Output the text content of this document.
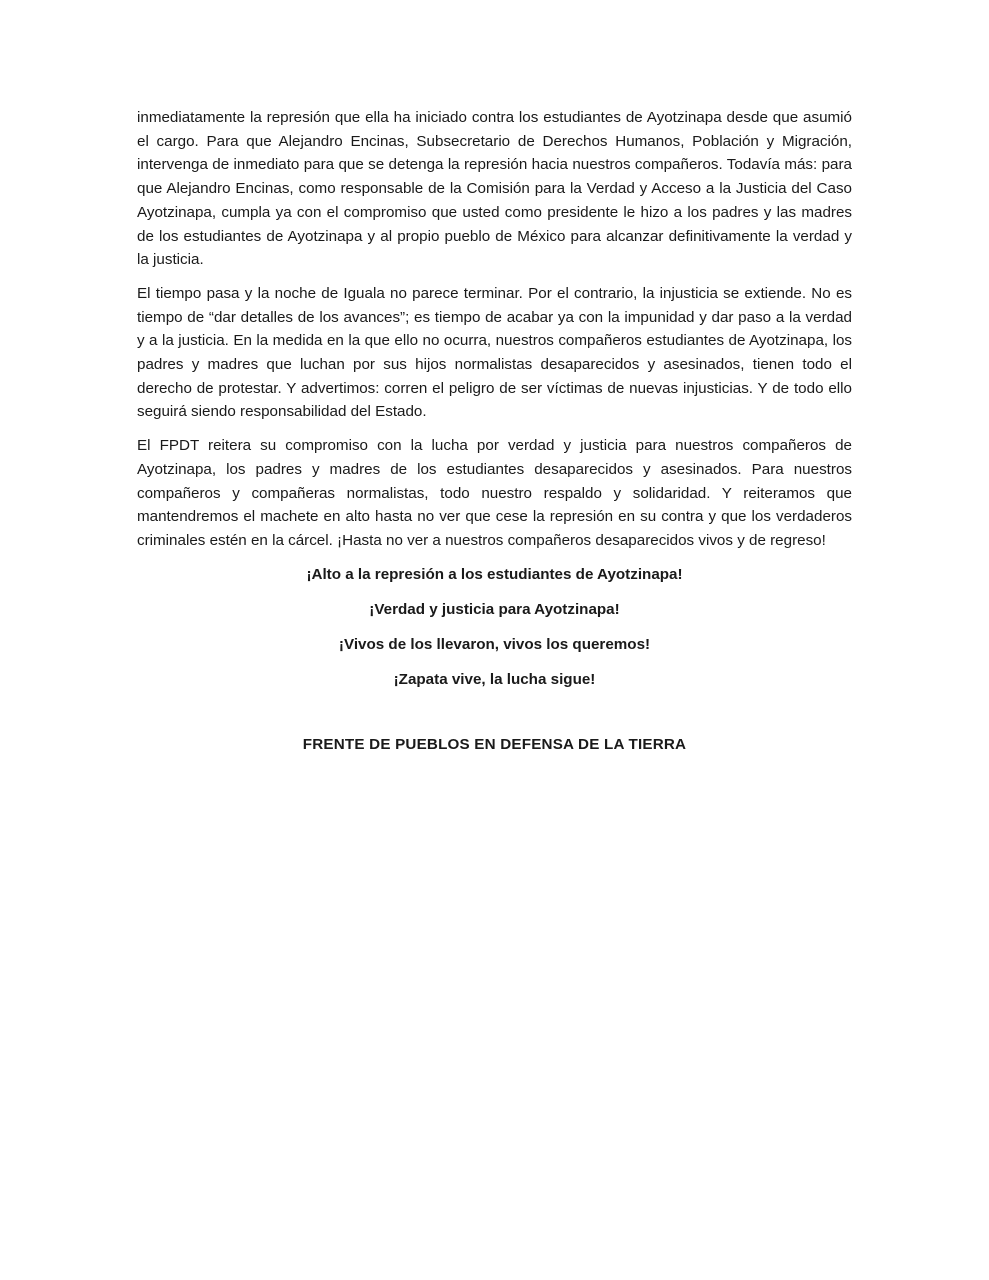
inmediatamente la represión que ella ha iniciado contra los estudiantes de Ayotzinapa desde que asumió el cargo. Para que Alejandro Encinas, Subsecretario de Derechos Humanos, Población y Migración, intervenga de inmediato para que se detenga la represión hacia nuestros compañeros. Todavía más: para que Alejandro Encinas, como responsable de la Comisión para la Verdad y Acceso a la Justicia del Caso Ayotzinapa, cumpla ya con el compromiso que usted como presidente le hizo a los padres y las madres de los estudiantes de Ayotzinapa y al propio pueblo de México para alcanzar definitivamente la verdad y la justicia.

El tiempo pasa y la noche de Iguala no parece terminar. Por el contrario, la injusticia se extiende. No es tiempo de “dar detalles de los avances”; es tiempo de acabar ya con la impunidad y dar paso a la verdad y a la justicia. En la medida en la que ello no ocurra, nuestros compañeros estudiantes de Ayotzinapa, los padres y madres que luchan por sus hijos normalistas desaparecidos y asesinados, tienen todo el derecho de protestar. Y advertimos: corren el peligro de ser víctimas de nuevas injusticias. Y de todo ello seguirá siendo responsabilidad del Estado.

El FPDT reitera su compromiso con la lucha por verdad y justicia para nuestros compañeros de Ayotzinapa, los padres y madres de los estudiantes desaparecidos y asesinados. Para nuestros compañeros y compañeras normalistas, todo nuestro respaldo y solidaridad. Y reiteramos que mantendremos el machete en alto hasta no ver que cese la represión en su contra y que los verdaderos criminales estén en la cárcel. ¡Hasta no ver a nuestros compañeros desaparecidos vivos y de regreso!

¡Alto a la represión a los estudiantes de Ayotzinapa!

¡Verdad y justicia para Ayotzinapa!

¡Vivos de los llevaron, vivos los queremos!

¡Zapata vive, la lucha sigue!

FRENTE DE PUEBLOS EN DEFENSA DE LA TIERRA
